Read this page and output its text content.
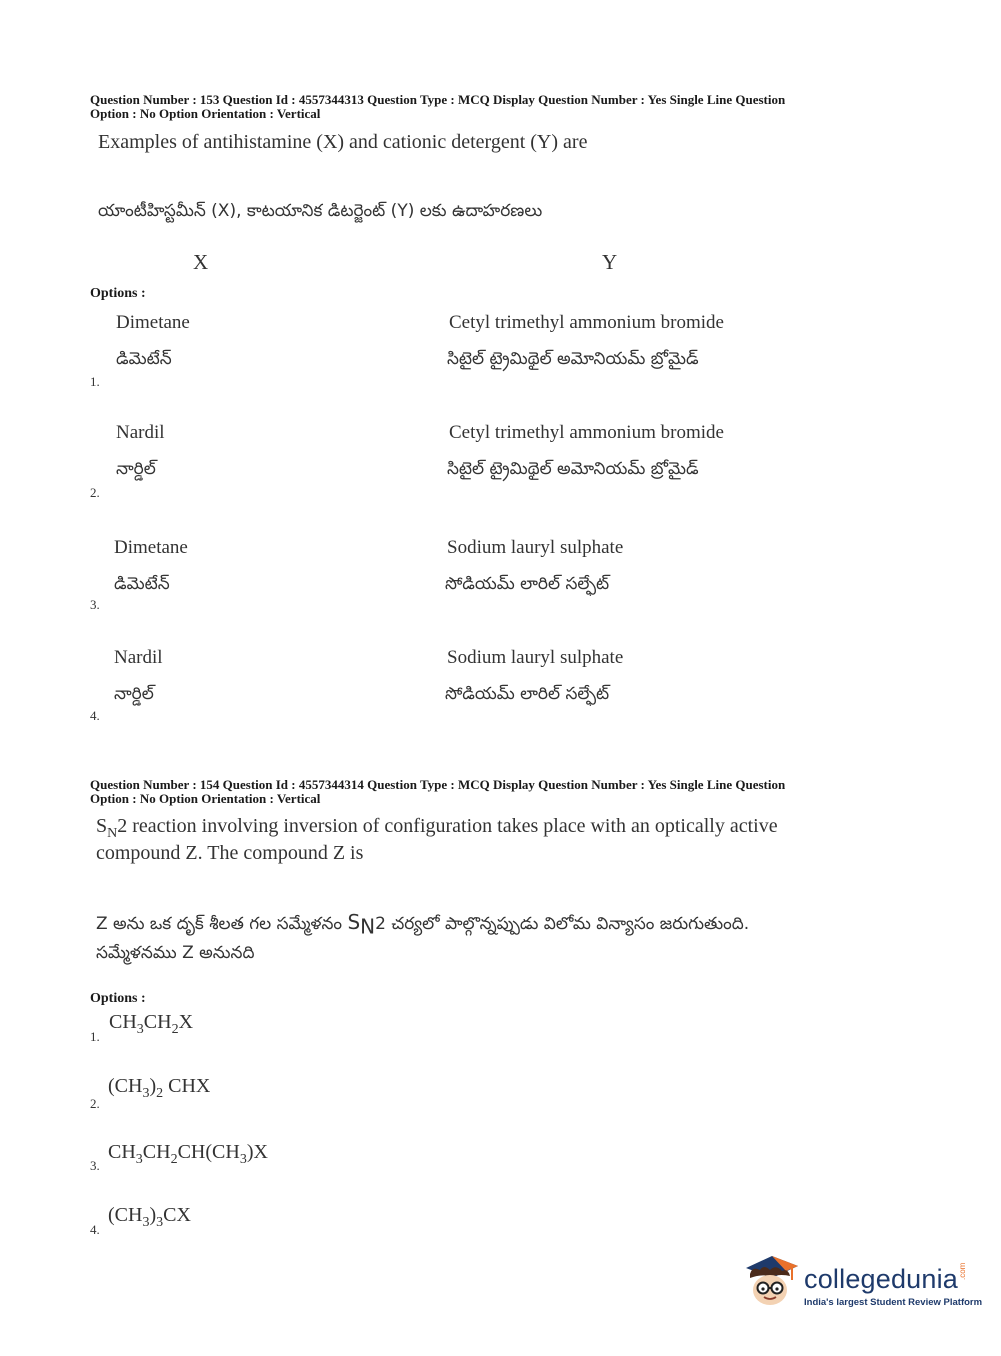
Question Number : 153 Question Id : 4557344313 Question Type : MCQ Display Question Number : Yes Single Line Question
Option : No Option Orientation : Vertical
Examples of antihistamine (X) and cationic detergent (Y) are
యాంటీహిస్టమీన్ (X), కాటయానిక డిటర్జెంట్ (Y) లకు ఉదాహరణలు
X	Y
Options :
Dimetane	Cetyl trimethyl ammonium bromide
డిమెటేన్	సిటైల్ ట్రైమిథైల్ అమోనియమ్ బ్రోమైడ్
1.
Nardil	Cetyl trimethyl ammonium bromide
నార్డిల్	సిటైల్ ట్రైమిథైల్ అమోనియమ్ బ్రోమైడ్
2.
Dimetane	Sodium lauryl sulphate
డిమెటేన్	సోడియమ్ లారిల్ సల్ఫేట్
3.
Nardil	Sodium lauryl sulphate
నార్డిల్	సోడియమ్ లారిల్ సల్ఫేట్
4.
Question Number : 154 Question Id : 4557344314 Question Type : MCQ Display Question Number : Yes Single Line Question
Option : No Option Orientation : Vertical
$S_N2$ reaction involving inversion of configuration takes place with an optically active
compound Z. The compound Z is
Z అను ఒక దృక్ శీలత గల సమ్మేళనం $S_N2$ చర్యలో పాల్గొన్నప్పుడు విలోమ విన్యాసం జరుగుతుంది.
సమ్మేళనము Z అనునది
Options :
1.
$CH_3CH_2X$
2.
$(CH_3)_2$ CHX
3.
$CH_3CH_2CH(CH_3)X$
4.
$(CH_3)_3CX$
collegedunia .com
India's largest Student Review Platform
